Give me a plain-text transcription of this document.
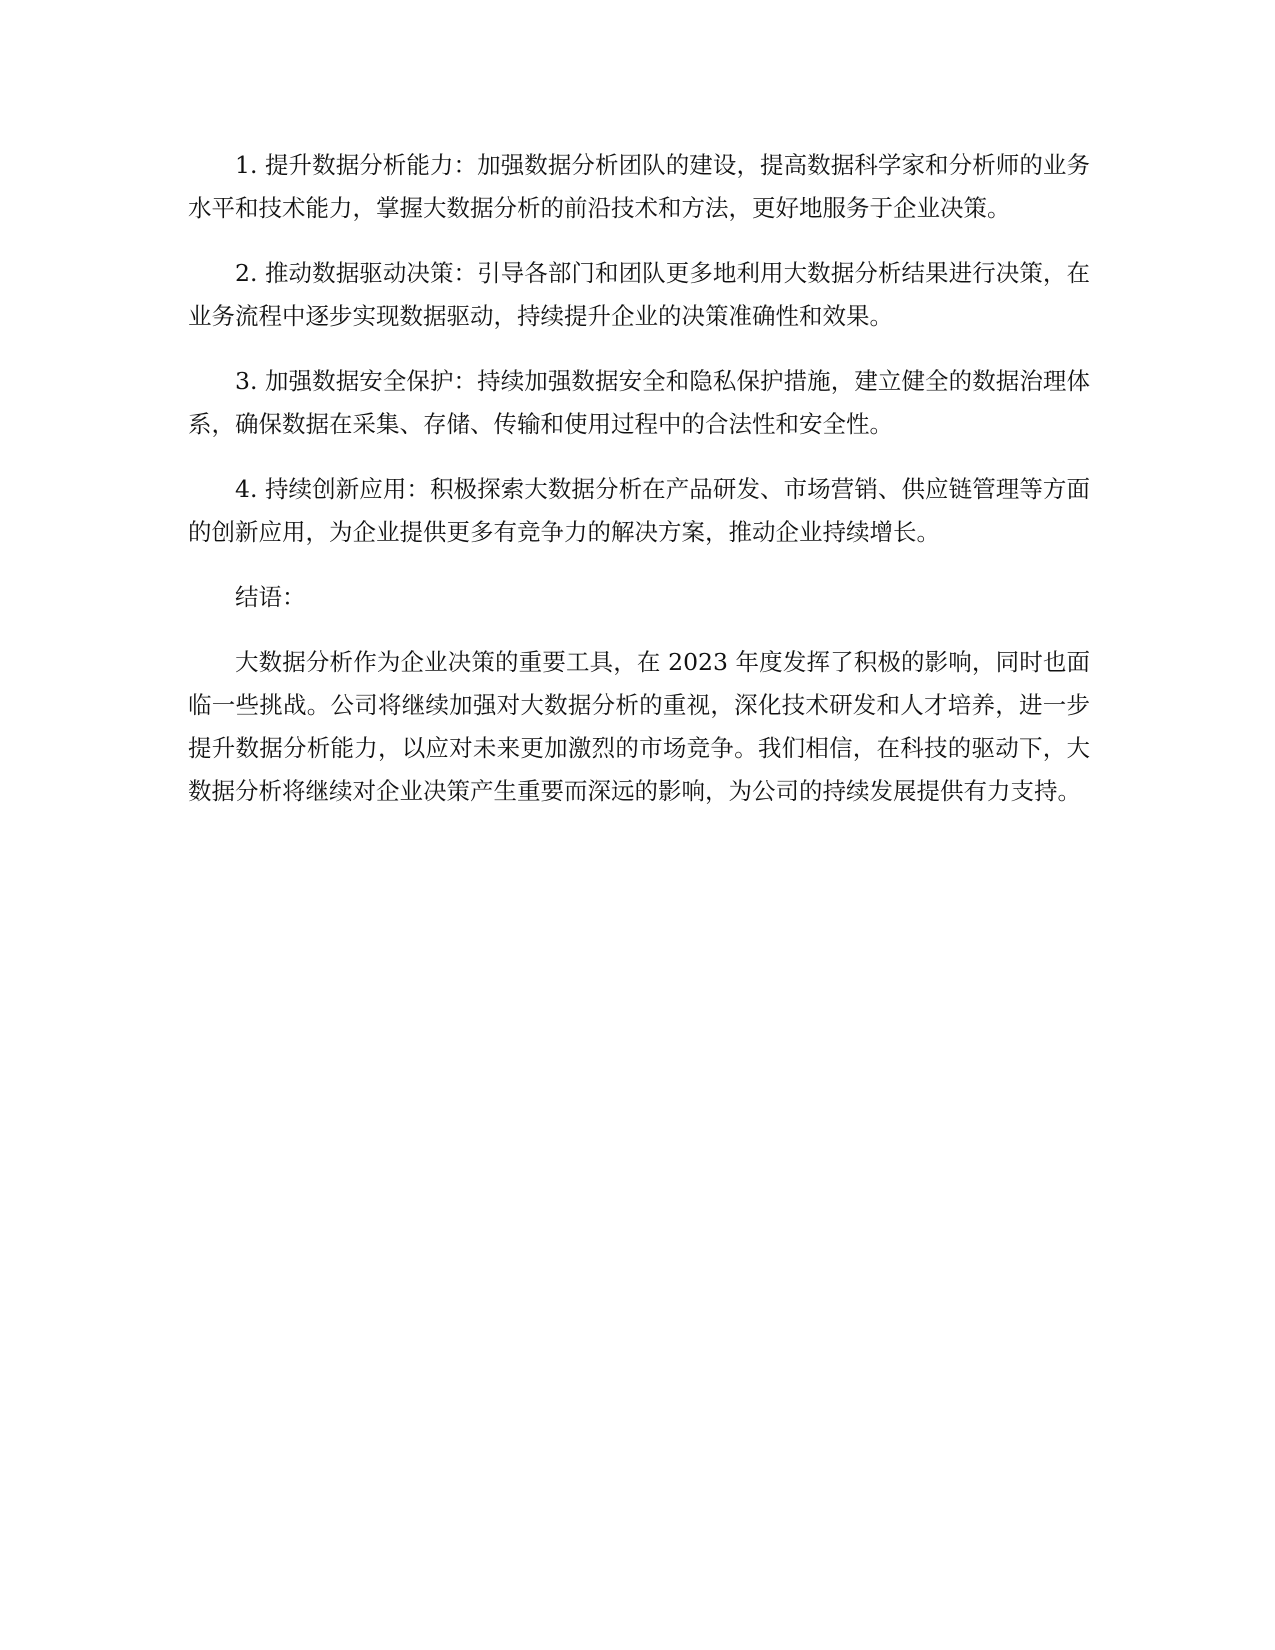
1. 提升数据分析能力：加强数据分析团队的建设，提高数据科学家和分析师的业务水平和技术能力，掌握大数据分析的前沿技术和方法，更好地服务于企业决策。

2. 推动数据驱动决策：引导各部门和团队更多地利用大数据分析结果进行决策，在业务流程中逐步实现数据驱动，持续提升企业的决策准确性和效果。

3. 加强数据安全保护：持续加强数据安全和隐私保护措施，建立健全的数据治理体系，确保数据在采集、存储、传输和使用过程中的合法性和安全性。

4. 持续创新应用：积极探索大数据分析在产品研发、市场营销、供应链管理等方面的创新应用，为企业提供更多有竞争力的解决方案，推动企业持续增长。

结语：

大数据分析作为企业决策的重要工具，在 2023 年度发挥了积极的影响，同时也面临一些挑战。公司将继续加强对大数据分析的重视，深化技术研发和人才培养，进一步提升数据分析能力，以应对未来更加激烈的市场竞争。我们相信，在科技的驱动下，大数据分析将继续对企业决策产生重要而深远的影响，为公司的持续发展提供有力支持。
